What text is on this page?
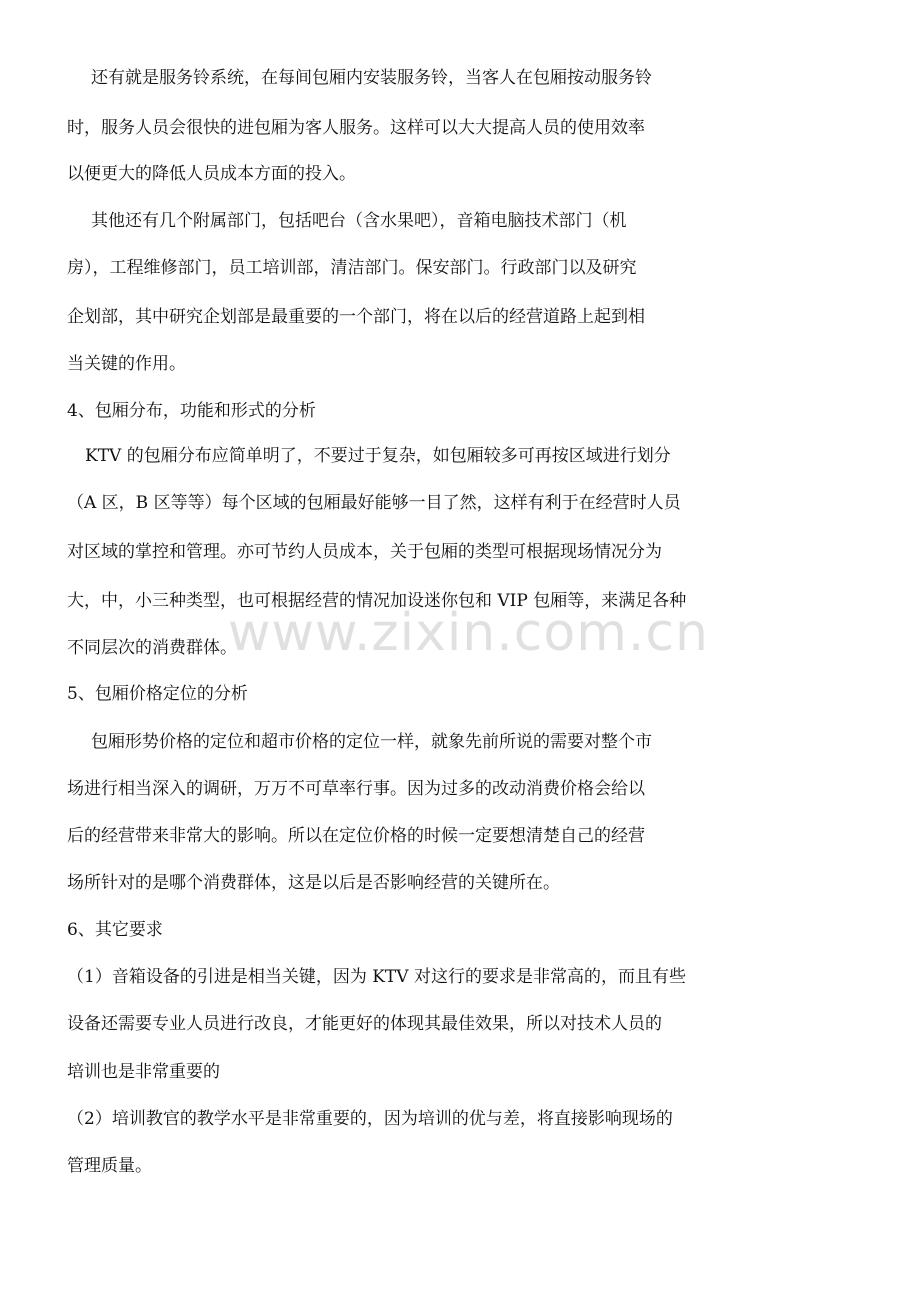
还有就是服务铃系统，在每间包厢内安装服务铃，当客人在包厢按动服务铃
时，服务人员会很快的进包厢为客人服务。这样可以大大提高人员的使用效率
以便更大的降低人员成本方面的投入。
其他还有几个附属部门，包括吧台（含水果吧），音箱电脑技术部门（机
房），工程维修部门，员工培训部，清洁部门。保安部门。行政部门以及研究
企划部，其中研究企划部是最重要的一个部门，将在以后的经营道路上起到相
当关键的作用。
4、包厢分布，功能和形式的分析
KTV 的包厢分布应简单明了，不要过于复杂，如包厢较多可再按区域进行划分
（A 区，B 区等等）每个区域的包厢最好能够一目了然，这样有利于在经营时人员
对区域的掌控和管理。亦可节约人员成本，关于包厢的类型可根据现场情况分为
大，中，小三种类型，也可根据经营的情况加设迷你包和 VIP 包厢等，来满足各种
不同层次的消费群体。
5、包厢价格定位的分析
包厢形势价格的定位和超市价格的定位一样，就象先前所说的需要对整个市
场进行相当深入的调研，万万不可草率行事。因为过多的改动消费价格会给以
后的经营带来非常大的影响。所以在定位价格的时候一定要想清楚自己的经营
场所针对的是哪个消费群体，这是以后是否影响经营的关键所在。
6、其它要求
（1）音箱设备的引进是相当关键，因为 KTV 对这行的要求是非常高的，而且有些
设备还需要专业人员进行改良，才能更好的体现其最佳效果，所以对技术人员的
培训也是非常重要的
（2）培训教官的教学水平是非常重要的，因为培训的优与差，将直接影响现场的
管理质量。
www.zixin.com.cn
